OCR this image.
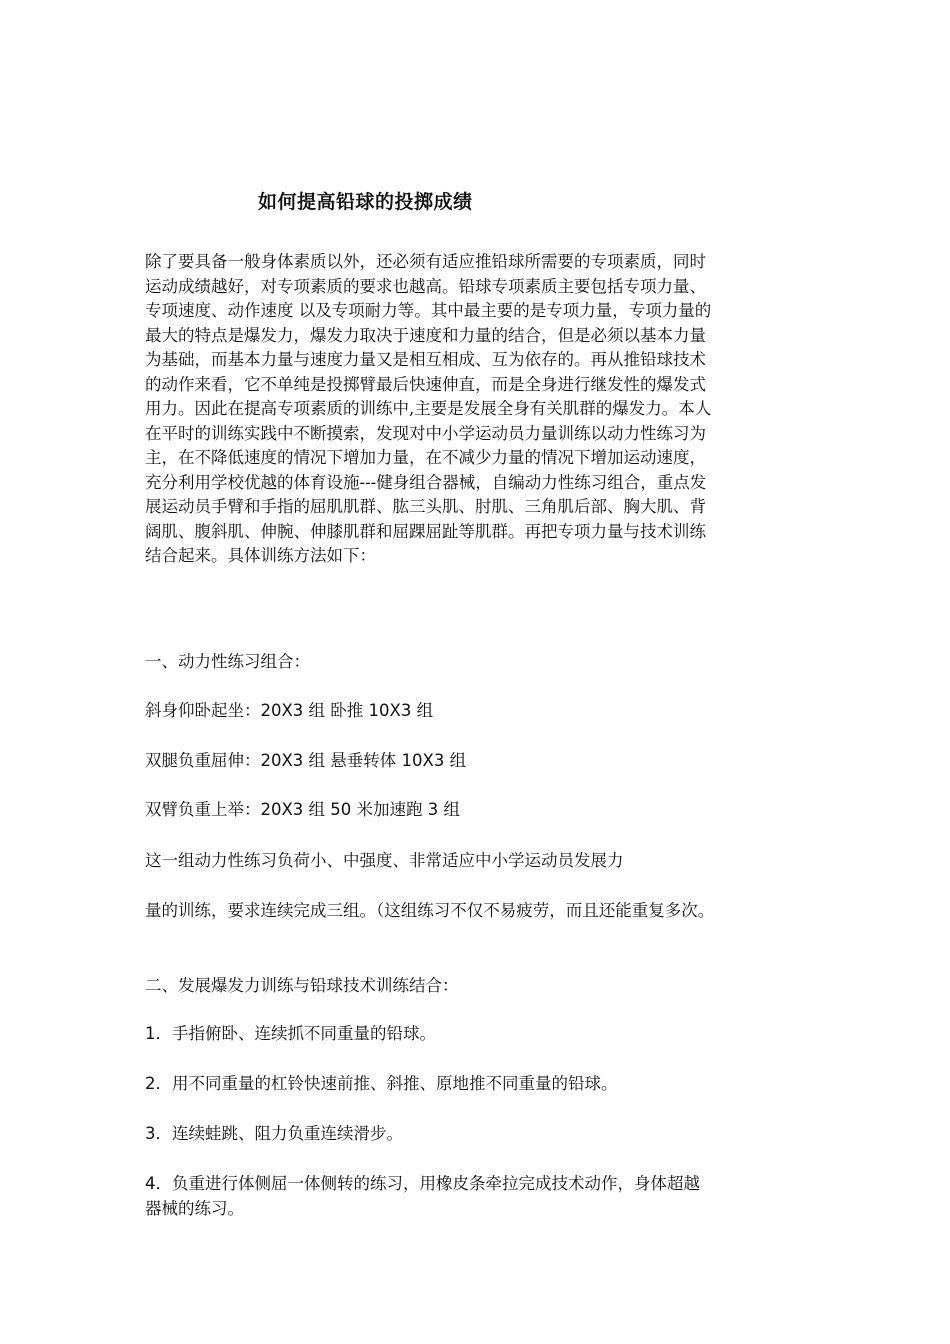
如何提高铅球的投掷成绩
除了要具备一般身体素质以外，还必须有适应推铅球所需要的专项素质，同时
运动成绩越好，对专项素质的要求也越高。铅球专项素质主要包括专项力量、
专项速度、动作速度 以及专项耐力等。其中最主要的是专项力量，专项力量的
最大的特点是爆发力，爆发力取决于速度和力量的结合，但是必须以基本力量
为基础，而基本力量与速度力量又是相互相成、互为依存的。再从推铅球技术
的动作来看，它不单纯是投掷臂最后快速伸直，而是全身进行继发性的爆发式
用力。因此在提高专项素质的训练中,主要是发展全身有关肌群的爆发力。本人
在平时的训练实践中不断摸索，发现对中小学运动员力量训练以动力性练习为
主，在不降低速度的情况下增加力量，在不减少力量的情况下增加运动速度，
充分利用学校优越的体育设施---健身组合器械，自编动力性练习组合，重点发
展运动员手臂和手指的屈肌肌群、肱三头肌、肘肌、三角肌后部、胸大肌、背
阔肌、腹斜肌、伸腕、伸膝肌群和屈踝屈趾等肌群。再把专项力量与技术训练
结合起来。具体训练方法如下：
一、动力性练习组合：
斜身仰卧起坐：20X3 组 卧推 10X3 组
双腿负重屈伸：20X3 组 悬垂转体 10X3 组
双臂负重上举：20X3 组 50 米加速跑 3 组
这一组动力性练习负荷小、中强度、非常适应中小学运动员发展力
量的训练，要求连续完成三组。（这组练习不仅不易疲劳，而且还能重复多次。
二、发展爆发力训练与铅球技术训练结合：
1．手指俯卧、连续抓不同重量的铅球。
2．用不同重量的杠铃快速前推、斜推、原地推不同重量的铅球。
3．连续蛙跳、阻力负重连续滑步。
4．负重进行体侧屈一体侧转的练习，用橡皮条牵拉完成技术动作，身体超越
器械的练习。
